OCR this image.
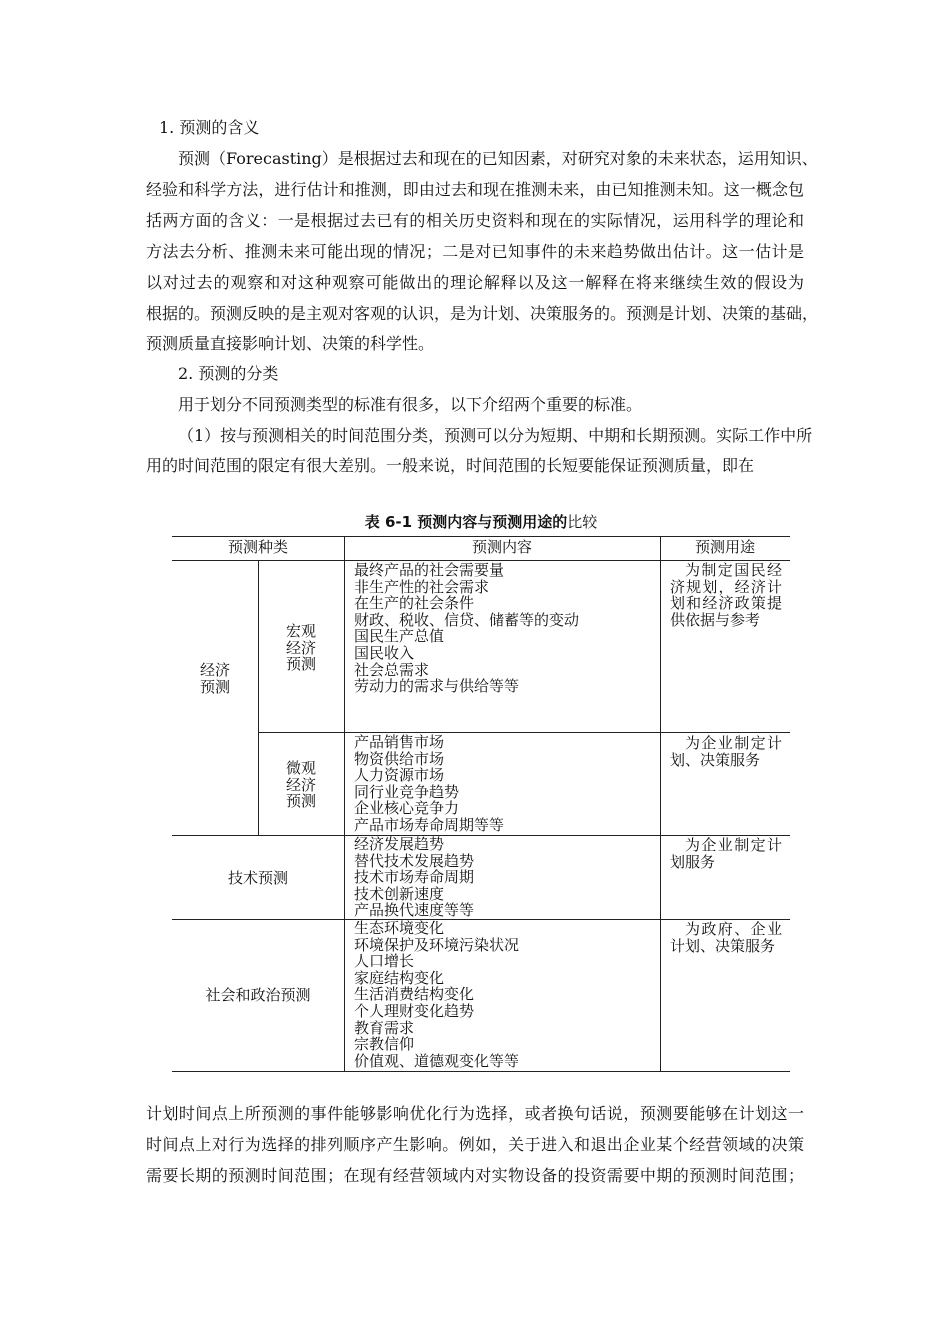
1. 预测的含义
预测（Forecasting）是根据过去和现在的已知因素，对研究对象的未来状态，运用知识、
经验和科学方法，进行估计和推测，即由过去和现在推测未来，由已知推测未知。这一概念包
括两方面的含义：一是根据过去已有的相关历史资料和现在的实际情况，运用科学的理论和
方法去分析、推测未来可能出现的情况；二是对已知事件的未来趋势做出估计。这一估计是
以对过去的观察和对这种观察可能做出的理论解释以及这一解释在将来继续生效的假设为
根据的。预测反映的是主观对客观的认识，是为计划、决策服务的。预测是计划、决策的基础，
预测质量直接影响计划、决策的科学性。
2. 预测的分类
用于划分不同预测类型的标准有很多，以下介绍两个重要的标准。
（1）按与预测相关的时间范围分类，预测可以分为短期、中期和长期预测。实际工作中所
用的时间范围的限定有很大差别。一般来说，时间范围的长短要能保证预测质量，即在
表 6-1 预测内容与预测用途的比较
预测种类	预测内容	预测用途
经济
预测
宏观
经济
预测
最终产品的社会需要量
非生产性的社会需求
在生产的社会条件
财政、税收、信贷、储蓄等的变动
国民生产总值
国民收入
社会总需求
劳动力的需求与供给等等
为制定国民经济规划，经济计划和经济政策提供依据与参考
微观
经济
预测
产品销售市场
物资供给市场
人力资源市场
同行业竞争趋势
企业核心竞争力
产品市场寿命周期等等
为企业制定计划、决策服务
技术预测
经济发展趋势
替代技术发展趋势
技术市场寿命周期
技术创新速度
产品换代速度等等
为企业制定计划服务
社会和政治预测
生态环境变化
环境保护及环境污染状况
人口增长
家庭结构变化
生活消费结构变化
个人理财变化趋势
教育需求
宗教信仰
价值观、道德观变化等等
为政府、企业计划、决策服务
计划时间点上所预测的事件能够影响优化行为选择，或者换句话说，预测要能够在计划这一
时间点上对行为选择的排列顺序产生影响。例如，关于进入和退出企业某个经营领域的决策
需要长期的预测时间范围；在现有经营领域内对实物设备的投资需要中期的预测时间范围；
